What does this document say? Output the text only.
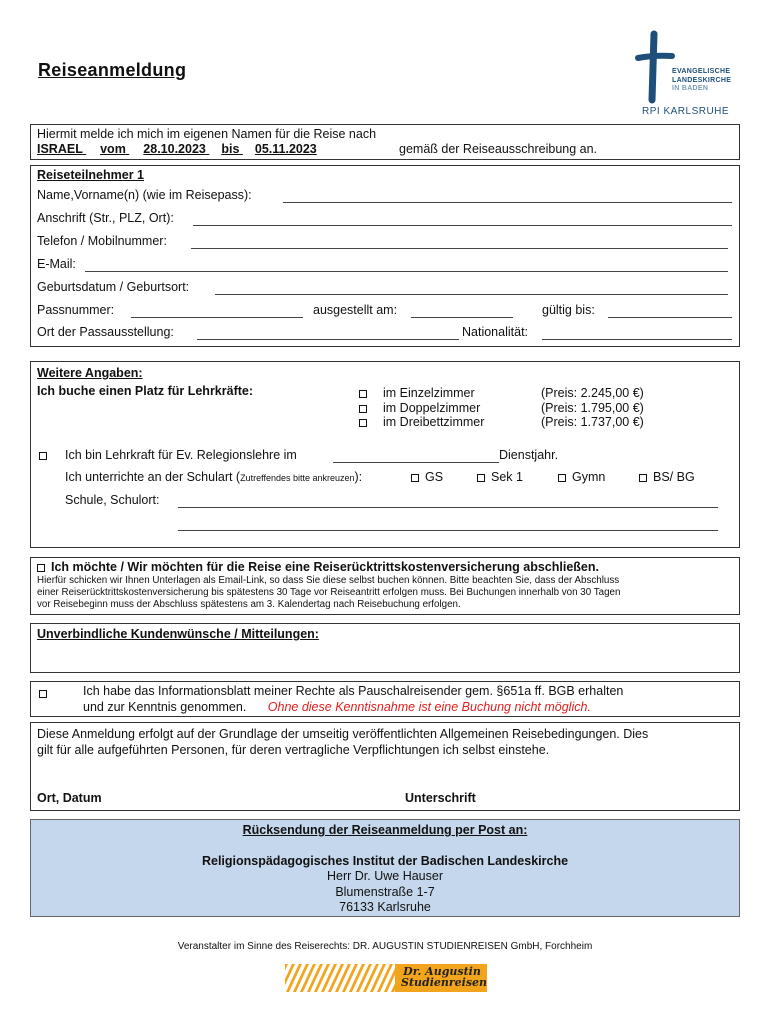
Reiseanmeldung	EVANGELISCHE
LANDESKIRCHE
IN BADEN
RPI KARLSRUHE
Hiermit melde ich mich im eigenen Namen für die Reise nach
ISRAEL vom 28.10.2023 bis 05.11.2023	gemäß der Reiseausschreibung an.
Reiseteilnehmer 1
Name,Vorname(n) (wie im Reisepass):
Anschrift (Str., PLZ, Ort):
Telefon / Mobilnummer:
E-Mail:
Geburtsdatum / Geburtsort:
Passnummer:	ausgestellt am:	gültig bis:
Ort der Passausstellung:	Nationalität:
Weitere Angaben:
Ich buche einen Platz für Lehrkräfte:	im Einzelzimmer	(Preis: 2.245,00 €)
im Doppelzimmer	(Preis: 1.795,00 €)
im Dreibettzimmer	(Preis: 1.737,00 €)
Ich bin Lehrkraft für Ev. Relegionslehre im	Dienstjahr.
Ich unterrichte an der Schulart (Zutreffendes bitte ankreuzen):	GS	Sek 1	Gymn	BS/ BG
Schule, Schulort:
Ich möchte / Wir möchten für die Reise eine Reiserücktrittskostenversicherung abschließen.
Hierfür schicken wir Ihnen Unterlagen als Email-Link, so dass Sie diese selbst buchen können. Bitte beachten Sie, dass der Abschluss
einer Reiserücktrittskostenversicherung bis spätestens 30 Tage vor Reiseantritt erfolgen muss. Bei Buchungen innerhalb von 30 Tagen
vor Reisebeginn muss der Abschluss spätestens am 3. Kalendertag nach Reisebuchung erfolgen.
Unverbindliche Kundenwünsche / Mitteilungen:
Ich habe das Informationsblatt meiner Rechte als Pauschalreisender gem. §651a ff. BGB erhalten
und zur Kenntnis genommen. Ohne diese Kenntisnahme ist eine Buchung nicht möglich.
Diese Anmeldung erfolgt auf der Grundlage der umseitig veröffentlichten Allgemeinen Reisebedingungen. Dies
gilt für alle aufgeführten Personen, für deren vertragliche Verpflichtungen ich selbst einstehe.
Ort, Datum	Unterschrift
Rücksendung der Reiseanmeldung per Post an:
Religionspädagogisches Institut der Badischen Landeskirche
Herr Dr. Uwe Hauser
Blumenstraße 1-7
76133 Karlsruhe
Veranstalter im Sinne des Reiserechts: DR. AUGUSTIN STUDIENREISEN GmbH, Forchheim
Dr. Augustin
Studienreisen
